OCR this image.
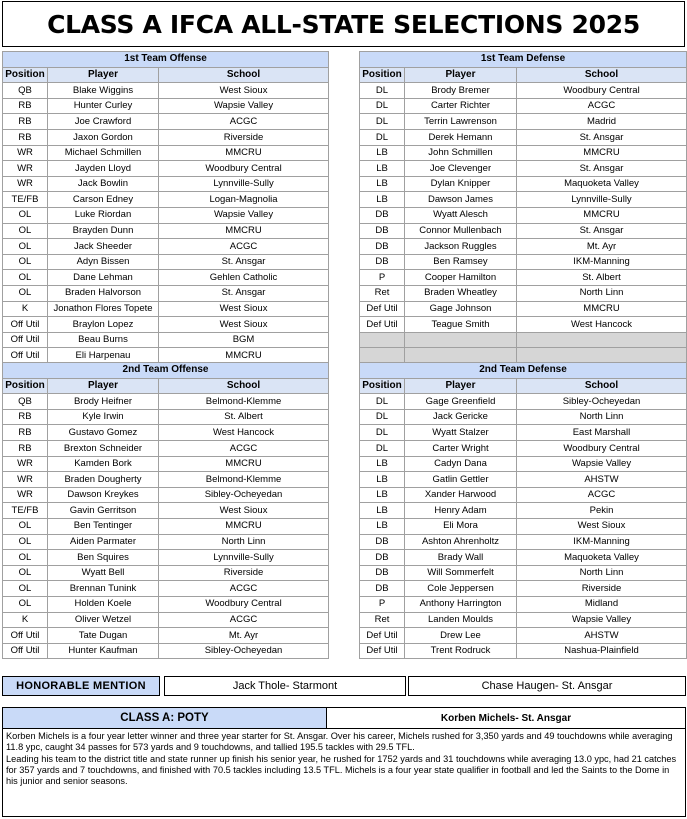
CLASS A IFCA ALL-STATE SELECTIONS 2025
1st Team Offense		
Position	Player	School
QB	Blake Wiggins	West Sioux
RB	Hunter Curley	Wapsie Valley
RB	Joe Crawford	ACGC
RB	Jaxon Gordon	Riverside
WR	Michael Schmillen	MMCRU
WR	Jayden Lloyd	Woodbury Central
WR	Jack Bowlin	Lynnville-Sully
TE/FB	Carson Edney	Logan-Magnolia
OL	Luke Riordan	Wapsie Valley
OL	Brayden Dunn	MMCRU
OL	Jack Sheeder	ACGC
OL	Adyn Bissen	St. Ansgar
OL	Dane Lehman	Gehlen Catholic
OL	Braden Halvorson	St. Ansgar
K	Jonathon Flores Topete	West Sioux
Off Util	Braylon Lopez	West Sioux
Off Util	Beau Burns	BGM
Off Util	Eli Harpenau	MMCRU
1st Team Defense		
Position	Player	School
DL	Brody Bremer	Woodbury Central
DL	Carter Richter	ACGC
DL	Terrin Lawrenson	Madrid
DL	Derek Hemann	St. Ansgar
LB	John Schmillen	MMCRU
LB	Joe Clevenger	St. Ansgar
LB	Dylan Knipper	Maquoketa Valley
LB	Dawson James	Lynnville-Sully
DB	Wyatt Alesch	MMCRU
DB	Connor Mullenbach	St. Ansgar
DB	Jackson Ruggles	Mt. Ayr
DB	Ben Ramsey	IKM-Manning
P	Cooper Hamilton	St. Albert
Ret	Braden Wheatley	North Linn
Def Util	Gage Johnson	MMCRU
Def Util	Teague Smith	West Hancock

2nd Team Offense		
Position	Player	School
QB	Brody Heifner	Belmond-Klemme
RB	Kyle Irwin	St. Albert
RB	Gustavo Gomez	West Hancock
RB	Brexton Schneider	ACGC
WR	Kamden Bork	MMCRU
WR	Braden Dougherty	Belmond-Klemme
WR	Dawson Kreykes	Sibley-Ocheyedan
TE/FB	Gavin Gerritson	West Sioux
OL	Ben Tentinger	MMCRU
OL	Aiden Parmater	North Linn
OL	Ben Squires	Lynnville-Sully
OL	Wyatt Bell	Riverside
OL	Brennan Tunink	ACGC
OL	Holden Koele	Woodbury Central
K	Oliver Wetzel	ACGC
Off Util	Tate Dugan	Mt. Ayr
Off Util	Hunter Kaufman	Sibley-Ocheyedan
2nd Team Defense		
Position	Player	School
DL	Gage Greenfield	Sibley-Ocheyedan
DL	Jack Gericke	North Linn
DL	Wyatt Stalzer	East Marshall
DL	Carter Wright	Woodbury Central
LB	Cadyn Dana	Wapsie Valley
LB	Gatlin Gettler	AHSTW
LB	Xander Harwood	ACGC
LB	Henry Adam	Pekin
LB	Eli Mora	West Sioux
DB	Ashton Ahrenholtz	IKM-Manning
DB	Brady Wall	Maquoketa Valley
DB	Will Sommerfelt	North Linn
DB	Cole Jeppersen	Riverside
P	Anthony Harrington	Midland
Ret	Landen Moulds	Wapsie Valley
Def Util	Drew Lee	AHSTW
Def Util	Trent Rodruck	Nashua-Plainfield
HONORABLE MENTION	Jack Thole- Starmont	Chase Haugen- St. Ansgar
CLASS A: POTY	Korben Michels- St. Ansgar

Korben Michels is a four year letter winner and three year starter for St. Ansgar. Over his career, Michels rushed for 3,350 yards and 49 touchdowns while averaging 11.8 ypc, caught 34 passes for 573 yards and 9 touchdowns, and tallied 195.5 tackles with 29.5 TFL.

Leading his team to the district title and state runner up finish his senior year, he rushed for 1752 yards and 31 touchdowns while averaging 13.0 ypc, had 21 catches for 357 yards and 7 touchdowns, and finished with 70.5 tackles including 13.5 TFL. Michels is a four year state qualifier in football and led the Saints to the Dome in his junior and senior seasons.
